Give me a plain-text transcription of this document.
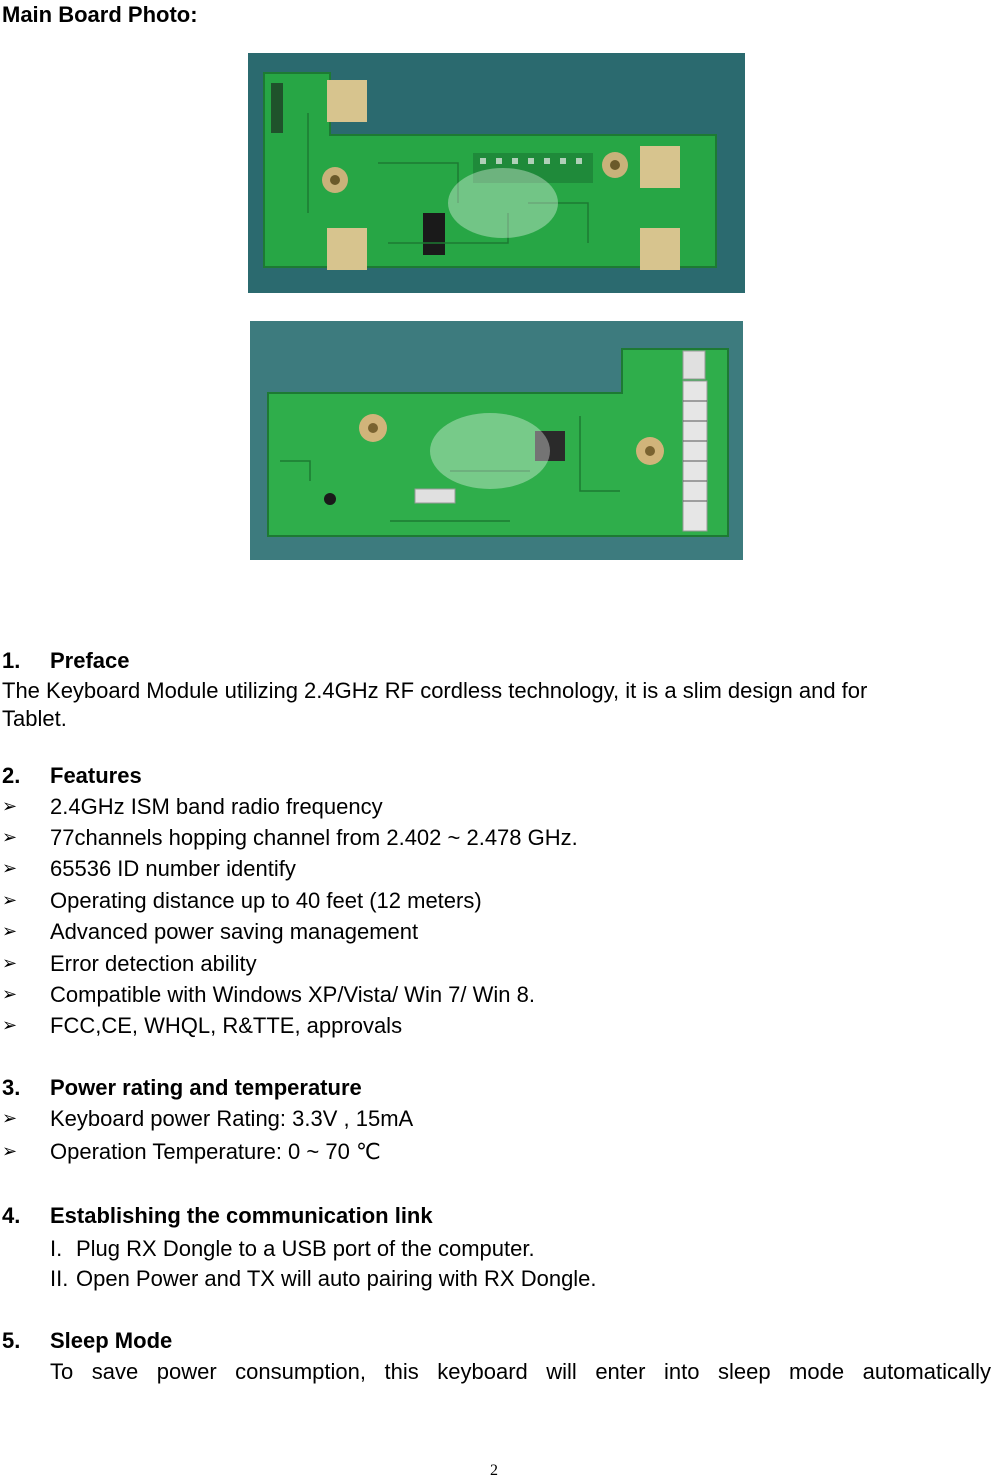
Main Board Photo:
1. Preface
The Keyboard Module utilizing 2.4GHz RF cordless technology, it is a slim design and for
Tablet.
2. Features
➢ 2.4GHz ISM band radio frequency
➢ 77channels hopping channel from 2.402 ~ 2.478 GHz.
➢ 65536 ID number identify
➢ Operating distance up to 40 feet (12 meters)
➢ Advanced power saving management
➢ Error detection ability
➢ Compatible with Windows XP/Vista/ Win 7/ Win 8.
➢ FCC,CE, WHQL, R&TTE, approvals
3. Power rating and temperature
➢ Keyboard power Rating: 3.3V , 15mA
➢ Operation Temperature: 0 ~ 70 ℃
4. Establishing the communication link
I. Plug RX Dongle to a USB port of the computer.
II. Open Power and TX will auto pairing with RX Dongle.
5. Sleep Mode
To save power consumption, this keyboard will enter into sleep mode automatically
2
